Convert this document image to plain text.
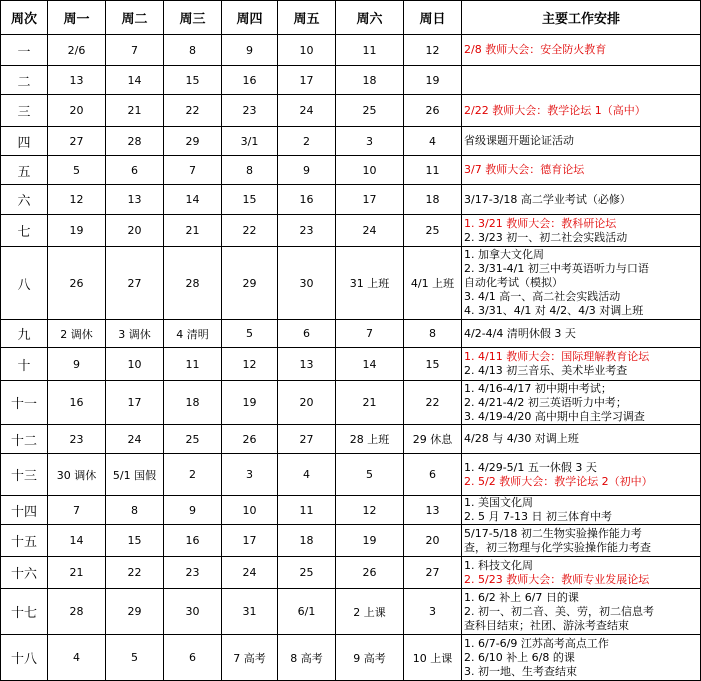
周次	周一	周二	周三	周四	周五	周六	周日	主要工作安排
一	2/6	7	8	9	10	11	12	2/8 教师大会：安全防火教育

二	13	14	15	16	17	18	19	
三	20	21	22	23	24	25	26	2/22 教师大会：教学论坛 1（高中）

四	27	28	29	3/1	2	3	4	省级课题开题论证活动

五	5	6	7	8	9	10	11	3/7 教师大会：德育论坛

六	12	13	14	15	16	17	18	3/17-3/18 高二学业考试（必修）

七	19	20	21	22	23	24	25	1. 3/21 教师大会：教科研论坛
2. 3/23 初一、初二社会实践活动

八	26	27	28	29	30	31 上班	4/1 上班	1. 加拿大文化周
2. 3/31-4/1 初三中考英语听力与口语
自动化考试（模拟）
3. 4/1 高一、高二社会实践活动
4. 3/31、4/1 对 4/2、4/3 对调上班

九	2 调休	3 调休	4 清明	5	6	7	8	4/2-4/4 清明休假 3 天

十	9	10	11	12	13	14	15	1. 4/11 教师大会：国际理解教育论坛
2. 4/13 初三音乐、美术毕业考查

十一	16	17	18	19	20	21	22	1. 4/16-4/17 初中期中考试；
2. 4/21-4/2 初三英语听力中考；
3. 4/19-4/20 高中期中自主学习调查

十二	23	24	25	26	27	28 上班	29 休息	4/28 与 4/30 对调上班

十三	30 调休	5/1 国假	2	3	4	5	6	1. 4/29-5/1 五一休假 3 天
2. 5/2 教师大会：教学论坛 2（初中）

十四	7	8	9	10	11	12	13	1. 美国文化周
2. 5 月 7-13 日 初三体育中考

十五	14	15	16	17	18	19	20	5/17-5/18 初二生物实验操作能力考
查，初三物理与化学实验操作能力考查

十六	21	22	23	24	25	26	27	1. 科技文化周
2. 5/23 教师大会：教师专业发展论坛

十七	28	29	30	31	6/1	2 上课	3	1. 6/2 补上 6/7 日的课
2. 初一、初二音、美、劳，初二信息考
查科目结束；社团、游泳考查结束

十八	4	5	6	7 高考	8 高考	9 高考	10 上课	1. 6/7-6/9 江苏高考高点工作
2. 6/10 补上 6/8 的课
3. 初一地、生考查结束
